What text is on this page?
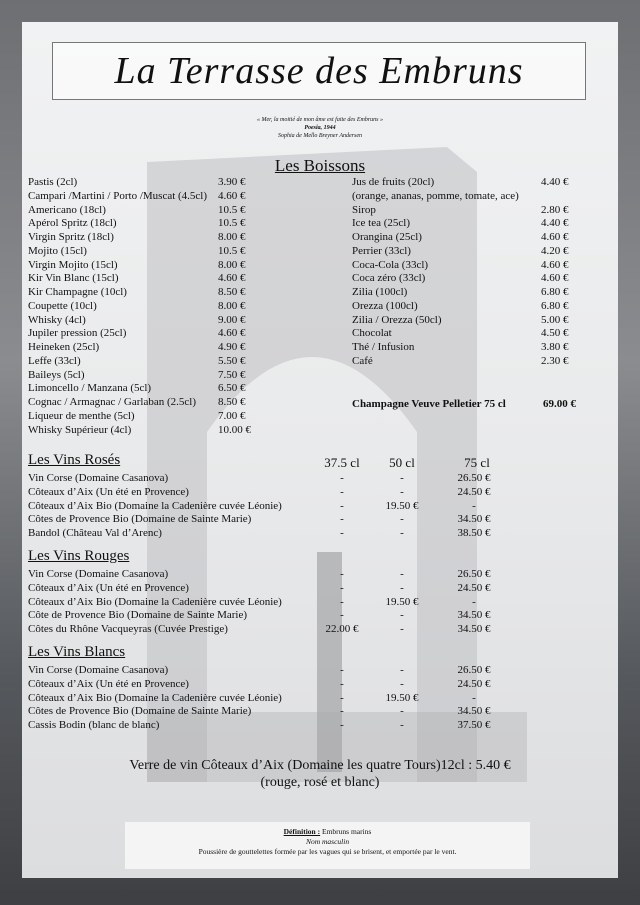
La Terrasse des Embruns
« Mer, la moitié de mon âme est faite des Embruns »
Poesia, 1944
Sophia de Mello Breyner Andersen
Les Boissons
Pastis (2cl)	3.90 €
Campari /Martini / Porto /Muscat (4.5cl) 4.60 €
Americano (18cl)	10.5 €
Apérol Spritz (18cl)	10.5 €
Virgin Spritz (18cl)	8.00 €
Mojito (15cl)	10.5 €
Virgin Mojito (15cl)	8.00 €
Kir Vin Blanc (15cl)	4.60 €
Kir Champagne (10cl)	8.50 €
Coupette (10cl)	8.00 €
Whisky (4cl)	9.00 €
Jupiler pression (25cl)	4.60 €
Heineken (25cl)	4.90 €
Leffe (33cl)	5.50 €
Baileys (5cl)	7.50 €
Limoncello / Manzana (5cl)	6.50 €
Cognac / Armagnac / Garlaban (2.5cl) 8.50 €
Liqueur de menthe (5cl)	7.00 €
Whisky Supérieur (4cl)	10.00 €
Jus de fruits (20cl)	4.40 €
(orange, ananas, pomme, tomate, ace)
Sirop	2.80 €
Ice tea (25cl)	4.40 €
Orangina (25cl)	4.60 €
Perrier (33cl)	4.20 €
Coca-Cola (33cl)	4.60 €
Coca zéro (33cl)	4.60 €
Zilia (100cl)	6.80 €
Orezza (100cl)	6.80 €
Zilia / Orezza (50cl)	5.00 €
Chocolat	4.50 €
Thé / Infusion	3.80 €
Café	2.30 €
Champagne Veuve Pelletier 75 cl	69.00 €
Les Vins Rosés	37.5 cl	50 cl	75 cl
Vin Corse (Domaine Casanova)	-	-	26.50 €
Côteaux d’Aix (Un été en Provence)	-	-	24.50 €
Côteaux d’Aix Bio (Domaine la Cadenière cuvée Léonie)	-	19.50 €	-
Côtes de Provence Bio (Domaine de Sainte Marie)	-	-	34.50 €
Bandol (Château Val d’Arenc)	-	-	38.50 €
Les Vins Rouges
Vin Corse (Domaine Casanova)	-	-	26.50 €
Côteaux d’Aix (Un été en Provence)	-	-	24.50 €
Côteaux d’Aix Bio (Domaine la Cadenière cuvée Léonie)	-	19.50 €	-
Côte de Provence Bio (Domaine de Sainte Marie)	-	-	34.50 €
Côtes du Rhône Vacqueyras (Cuvée Prestige)	22.00 €	-	34.50 €
Les Vins Blancs
Vin Corse (Domaine Casanova)	-	-	26.50 €
Côteaux d’Aix (Un été en Provence)	-	-	24.50 €
Côteaux d’Aix Bio (Domaine la Cadenière cuvée Léonie)	-	19.50 €	-
Côtes de Provence Bio (Domaine de Sainte Marie)	-	-	34.50 €
Cassis Bodin (blanc de blanc)	-	-	37.50 €
Verre de vin Côteaux d’Aix (Domaine les quatre Tours)12cl : 5.40 €
(rouge, rosé et blanc)
Définition : Embruns marins
Nom masculin
Poussière de gouttelettes formée par les vagues qui se brisent, et emportée par le vent.
